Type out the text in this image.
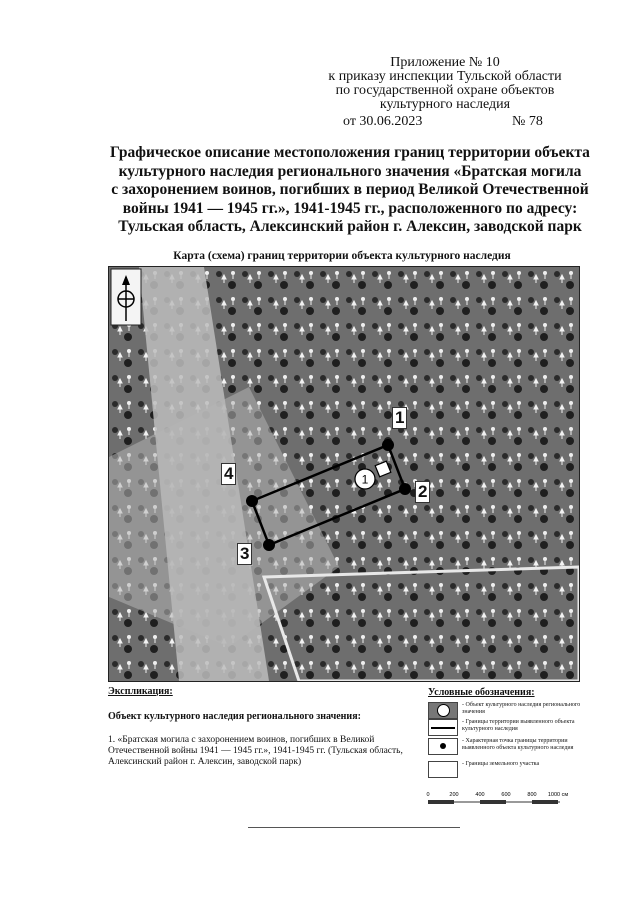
Приложение № 10
к приказу инспекции Тульской области
по государственной охране объектов
культурного наследия
от 30.06.2023	№ 78
Графическое описание местоположения границ территории объекта
культурного наследия регионального значения «Братская могила
с захоронением воинов, погибших в период Великой Отечественной
войны 1941 — 1945 гг.», 1941-1945 гг., расположенного по адресу:
Тульская область, Алексинский район г. Алексин, заводской парк
Карта (схема) границ территории объекта культурного наследия
1
1
2
3
4
Экспликация:
Объект культурного наследия регионального значения:
1. «Братская могила с захоронением воинов, погибших в Великой Отечественной войны 1941 — 1945 гг.», 1941-1945 гг. (Тульская область, Алексинский район г. Алексин, заводской парк)
Условные обозначения:
- Объект культурного наследия регионального значения
- Границы территории выявленного объекта культурного наследия
- Характерная точка границы территории выявленного объекта культурного наследия
- Границы земельного участка
0	200	400	600	800 1000 см
